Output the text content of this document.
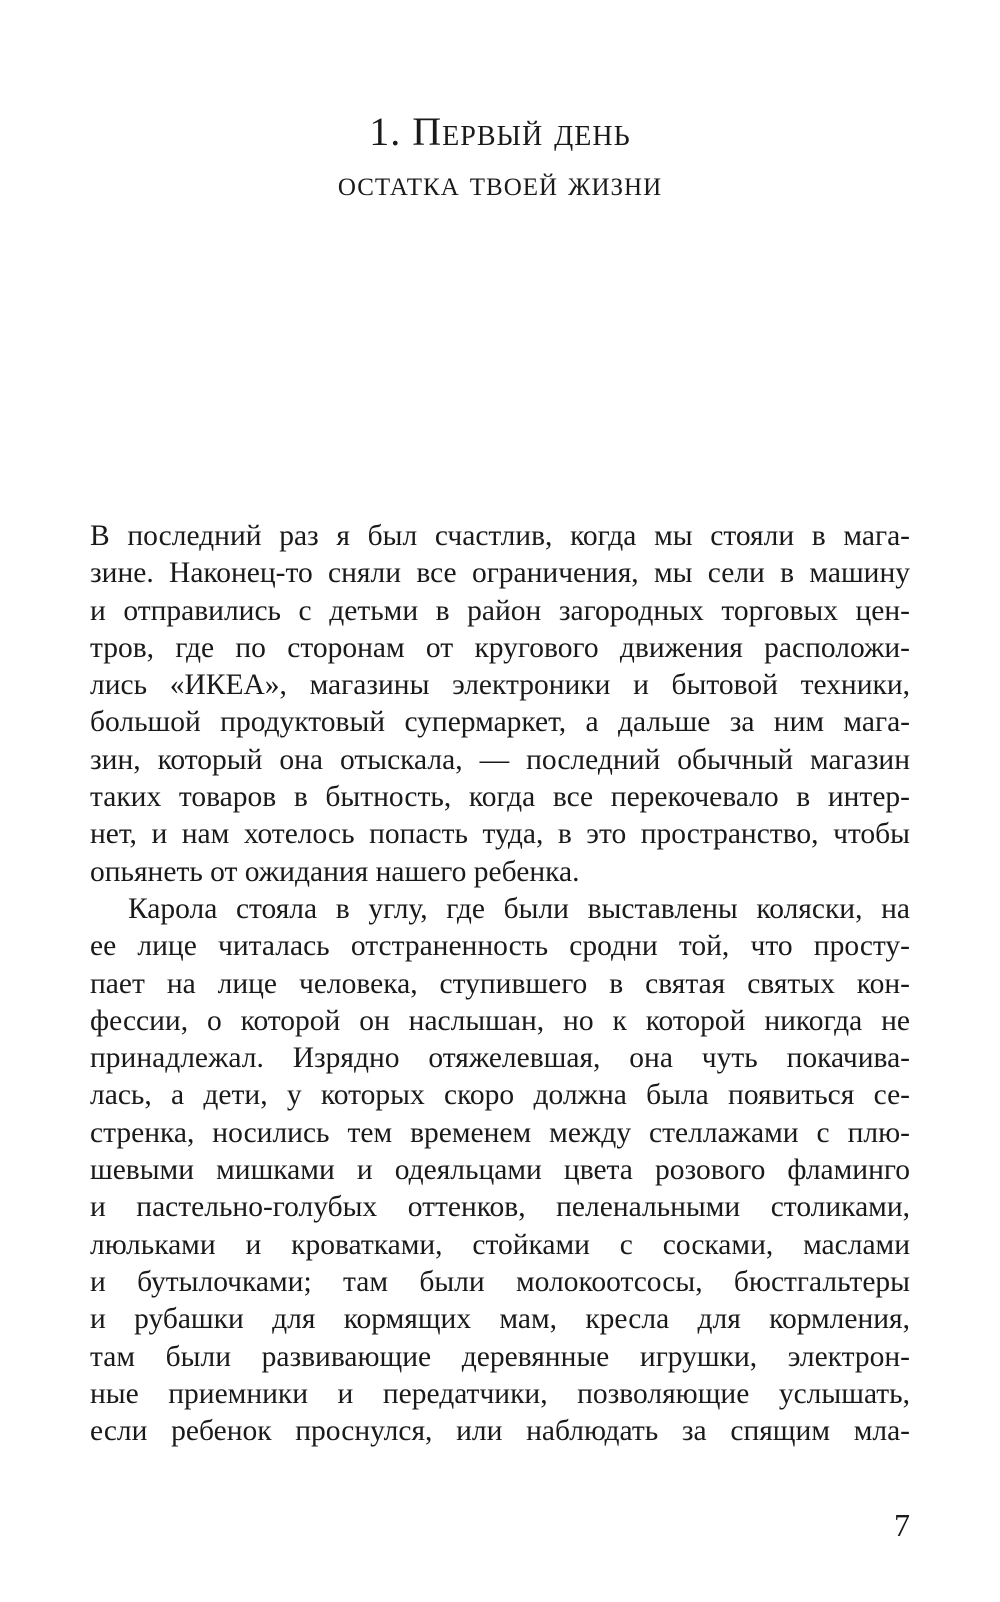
1. Первый день
остатка твоей жизни
В последний раз я был счастлив, когда мы стояли в мага-
зине. Наконец-то сняли все ограничения, мы сели в машину
и отправились с детьми в район загородных торговых цен-
тров, где по сторонам от кругового движения расположи-
лись «ИКЕА», магазины электроники и бытовой техники,
большой продуктовый супермаркет, а дальше за ним мага-
зин, который она отыскала, — последний обычный магазин
таких товаров в бытность, когда все перекочевало в интер-
нет, и нам хотелось попасть туда, в это пространство, чтобы
опьянеть от ожидания нашего ребенка.
Карола стояла в углу, где были выставлены коляски, на
ее лице читалась отстраненность сродни той, что просту-
пает на лице человека, ступившего в святая святых кон-
фессии, о которой он наслышан, но к которой никогда не
принадлежал. Изрядно отяжелевшая, она чуть покачива-
лась, а дети, у которых скоро должна была появиться се-
стренка, носились тем временем между стеллажами с плю-
шевыми мишками и одеяльцами цвета розового фламинго
и пастельно-голубых оттенков, пеленальными столиками,
люльками и кроватками, стойками с сосками, маслами
и бутылочками; там были молокоотсосы, бюстгальтеры
и рубашки для кормящих мам, кресла для кормления,
там были развивающие деревянные игрушки, электрон-
ные приемники и передатчики, позволяющие услышать,
если ребенок проснулся, или наблюдать за спящим мла-
7
